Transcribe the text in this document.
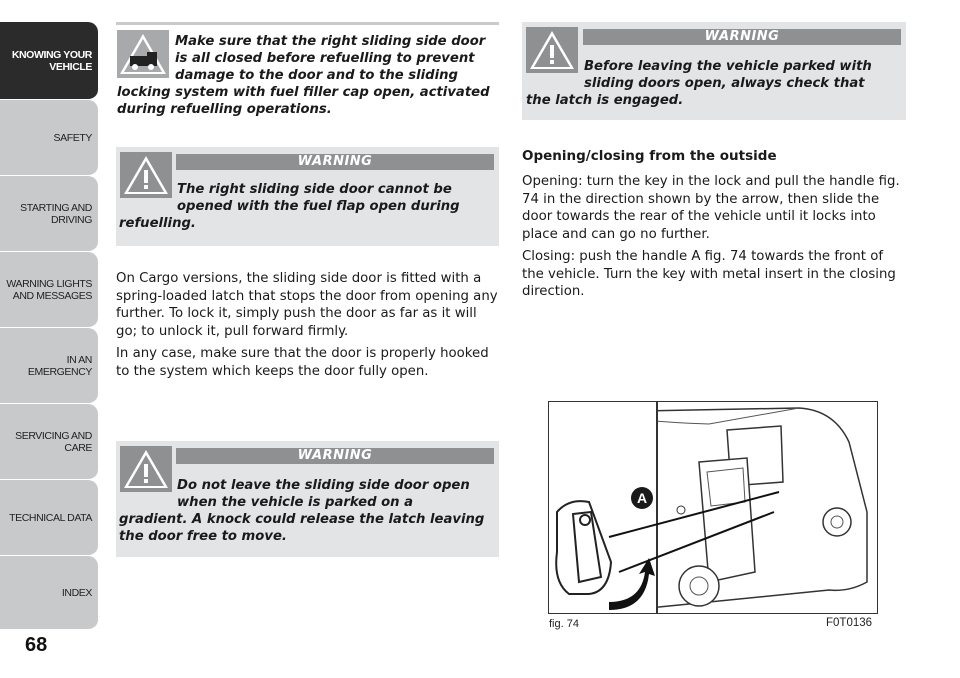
KNOWING YOUR VEHICLE
SAFETY
STARTING AND DRIVING
WARNING LIGHTS AND MESSAGES
IN AN EMERGENCY
SERVICING AND CARE
TECHNICAL DATA
INDEX
68
Make sure that the right sliding side door
is all closed before refuelling to prevent
damage to the door and to the sliding
locking system with fuel filler cap open, activated
during refuelling operations.
WARNING
The right sliding side door cannot be
opened with the fuel flap open during
refuelling.

On Cargo versions, the sliding side door is fitted with a spring-loaded latch that stops the door from opening any further. To lock it, simply push the door as far as it will go; to unlock it, pull forward firmly.

In any case, make sure that the door is properly hooked to the system which keeps the door fully open.

WARNING
Do not leave the sliding side door open
when the vehicle is parked on a
gradient. A knock could release the latch leaving
the door free to move.
WARNING
Before leaving the vehicle parked with
sliding doors open, always check that
the latch is engaged.
Opening/closing from the outside

Opening: turn the key in the lock and pull the handle fig. 74 in the direction shown by the arrow, then slide the door towards the rear of the vehicle until it locks into place and can go no further.

Closing: push the handle A fig. 74 towards the front of the vehicle. Turn the key with metal insert in the closing direction.

A
fig. 74	F0T0136
